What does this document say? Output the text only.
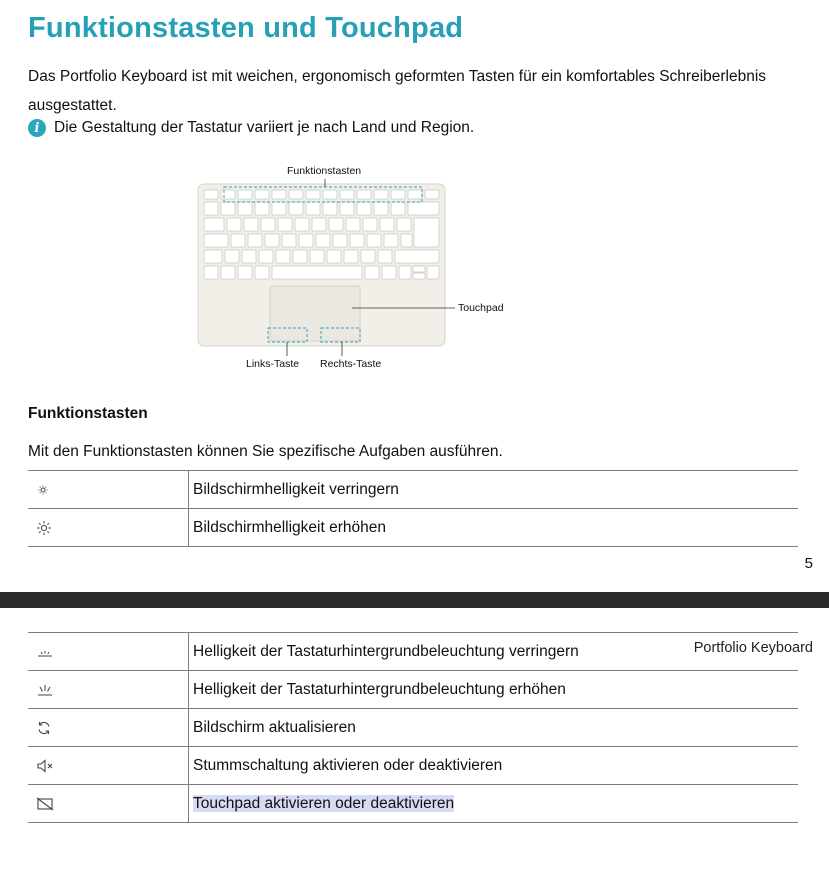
Funktionstasten und Touchpad

Das Portfolio Keyboard ist mit weichen, ergonomisch geformten Tasten für ein komfortables Schreiberlebnis ausgestattet.

i Die Gestaltung der Tastatur variiert je nach Land und Region.
Funktionstasten
Touchpad
Links-Taste Rechts-Taste
Funktionstasten

Mit den Funktionstasten können Sie spezifische Aufgaben ausführen.

	Bildschirmhelligkeit verringern

	Bildschirmhelligkeit erhöhen
5
Portfolio Keyboard
	Helligkeit der Tastaturhintergrundbeleuchtung verringern

	Helligkeit der Tastaturhintergrundbeleuchtung erhöhen

	Bildschirm aktualisieren

	Stummschaltung aktivieren oder deaktivieren

	Touchpad aktivieren oder deaktivieren
